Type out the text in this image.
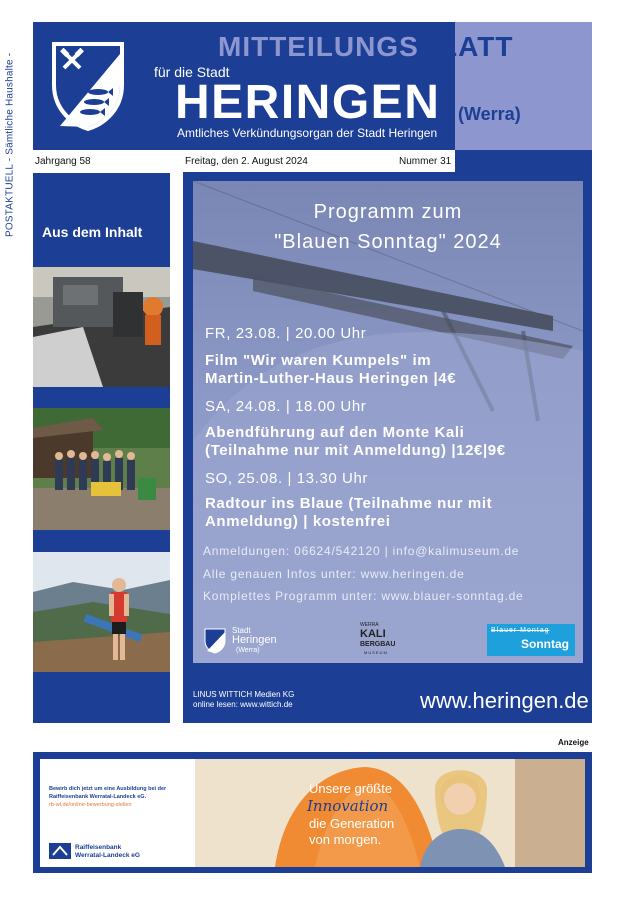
POSTAKTUELL - Sämtliche Haushalte -
MITTEILUNGSBLATT
für die Stadt
HERINGEN (Werra)
Amtliches Verkündungsorgan der Stadt Heringen
Jahrgang 58	Freitag, den 2. August 2024	Nummer 31
Aus dem Inhalt
Programm zum
"Blauen Sonntag" 2024
FR, 23.08. | 20.00 Uhr
Film "Wir waren Kumpels" im
Martin-Luther-Haus Heringen |4€
SA, 24.08. | 18.00 Uhr
Abendführung auf den Monte Kali
(Teilnahme nur mit Anmeldung) |12€|9€
SO, 25.08. | 13.30 Uhr
Radtour ins Blaue (Teilnahme nur mit
Anmeldung) | kostenfrei
Anmeldungen: 06624/542120 | info@kalimuseum.de
Alle genauen Infos unter: www.heringen.de
Komplettes Programm unter: www.blauer-sonntag.de
Stadt
Heringen
(Werra)
WERRA
KALI
BERGBAU
MUSEUM
Blauer Montag
Sonntag
LINUS WITTICH Medien KG
online lesen: www.wittich.de	www.heringen.de
Anzeige
Bewirb dich jetzt um eine Ausbildung bei der
Raiffeisenbank Werratal-Landeck eG.
rb-wl.de/online-bewerbung-stellen
Raiffeisenbank
Werratal-Landeck eG
Unsere größte
Innovation
die Generation
von morgen.
